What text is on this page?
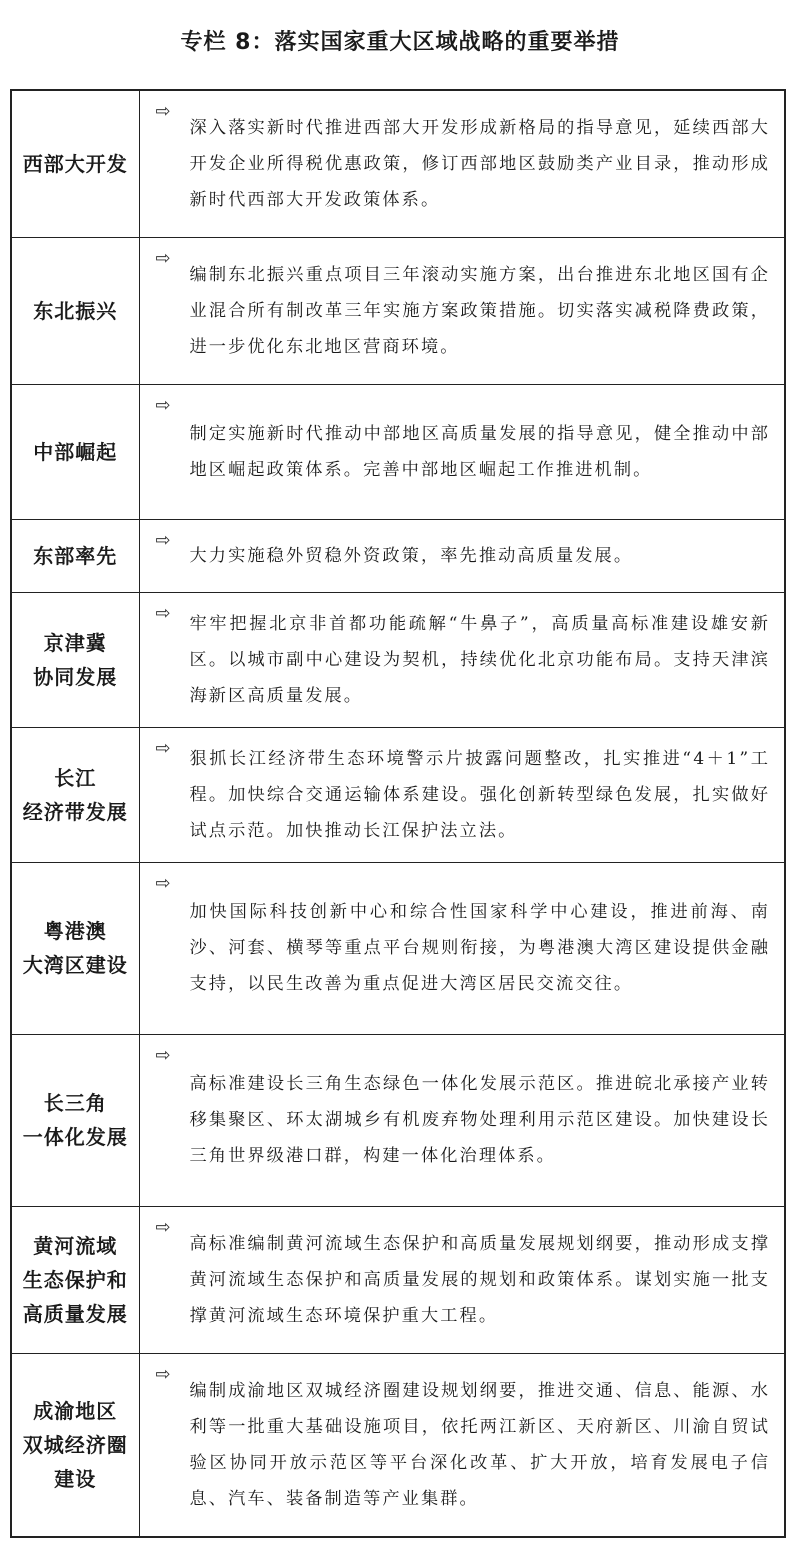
专栏 8：落实国家重大区域战略的重要举措
西部大开发	⇨
深入落实新时代推进西部大开发形成新格局的指导意见，延续西部大开发企业所得税优惠政策，修订西部地区鼓励类产业目录，推动形成新时代西部大开发政策体系。

东北振兴	⇨
编制东北振兴重点项目三年滚动实施方案，出台推进东北地区国有企业混合所有制改革三年实施方案政策措施。切实落实减税降费政策，进一步优化东北地区营商环境。

中部崛起	⇨
制定实施新时代推动中部地区高质量发展的指导意见，健全推动中部地区崛起政策体系。完善中部地区崛起工作推进机制。

东部率先	⇨
大力实施稳外贸稳外资政策，率先推动高质量发展。

京津冀
协同发展	⇨ 牢牢把握北京非首都功能疏解“牛鼻子”，高质量高标准建设雄安新区。以城市副中心建设为契机，持续优化北京功能布局。支持天津滨海新区高质量发展。

长江
经济带发展	⇨ 狠抓长江经济带生态环境警示片披露问题整改，扎实推进“4＋1”工程。加快综合交通运输体系建设。强化创新转型绿色发展，扎实做好试点示范。加快推动长江保护法立法。

粤港澳
大湾区建设	⇨
加快国际科技创新中心和综合性国家科学中心建设，推进前海、南沙、河套、横琴等重点平台规则衔接，为粤港澳大湾区建设提供金融支持，以民生改善为重点促进大湾区居民交流交往。

长三角
一体化发展	⇨
高标准建设长三角生态绿色一体化发展示范区。推进皖北承接产业转移集聚区、环太湖城乡有机废弃物处理利用示范区建设。加快建设长三角世界级港口群，构建一体化治理体系。

黄河流域
生态保护和
高质量发展	⇨
高标准编制黄河流域生态保护和高质量发展规划纲要，推动形成支撑黄河流域生态保护和高质量发展的规划和政策体系。谋划实施一批支撑黄河流域生态环境保护重大工程。

成渝地区
双城经济圈
建设	⇨
编制成渝地区双城经济圈建设规划纲要，推进交通、信息、能源、水利等一批重大基础设施项目，依托两江新区、天府新区、川渝自贸试验区协同开放示范区等平台深化改革、扩大开放，培育发展电子信息、汽车、装备制造等产业集群。
